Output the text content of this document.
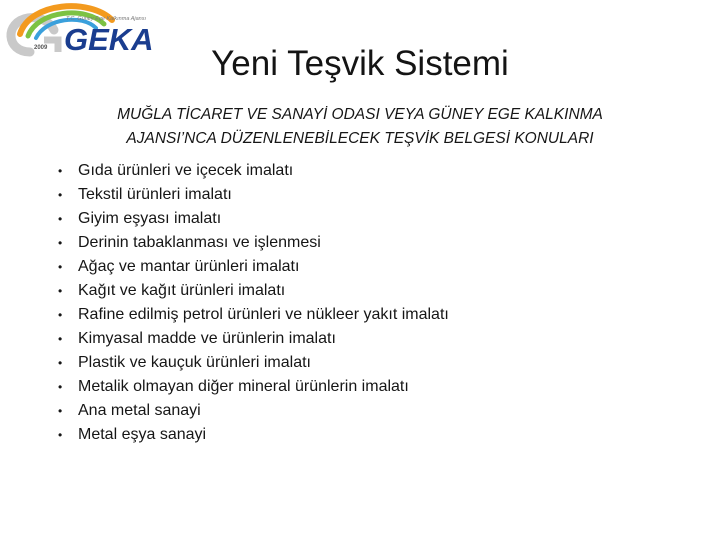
T.C. Güney Ege Kalkınma Ajansı
GEKA
2009	Yeni Teşvik Sistemi
MUĞLA TİCARET VE SANAYİ ODASI VEYA GÜNEY EGE KALKINMA
AJANSI’NCA DÜZENLENEBİLECEK TEŞVİK BELGESİ KONULARI
• Gıda ürünleri ve içecek imalatı
• Tekstil ürünleri imalatı
• Giyim eşyası imalatı
• Derinin tabaklanması ve işlenmesi
• Ağaç ve mantar ürünleri imalatı
• Kağıt ve kağıt ürünleri imalatı
• Rafine edilmiş petrol ürünleri ve nükleer yakıt imalatı
• Kimyasal madde ve ürünlerin imalatı
• Plastik ve kauçuk ürünleri imalatı
• Metalik olmayan diğer mineral ürünlerin imalatı
• Ana metal sanayi
• Metal eşya sanayi
